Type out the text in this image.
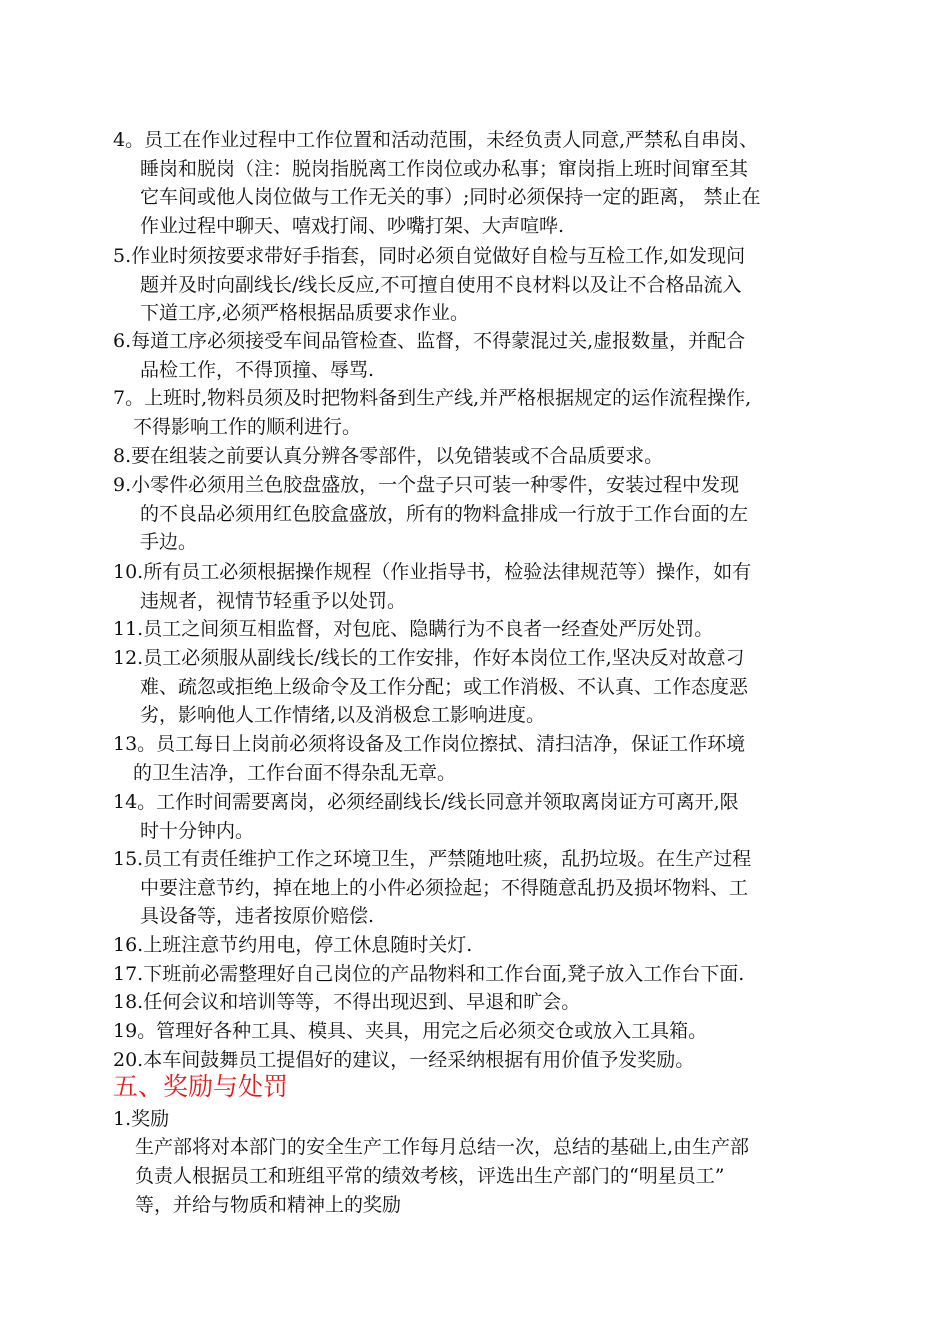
4。员工在作业过程中工作位置和活动范围，未经负责人同意,严禁私自串岗、
睡岗和脱岗（注：脱岗指脱离工作岗位或办私事；窜岗指上班时间窜至其
它车间或他人岗位做与工作无关的事）;同时必须保持一定的距离， 禁止在
作业过程中聊天、嘻戏打闹、吵嘴打架、大声喧哗.
5.作业时须按要求带好手指套，同时必须自觉做好自检与互检工作,如发现问
题并及时向副线长/线长反应,不可擅自使用不良材料以及让不合格品流入
下道工序,必须严格根据品质要求作业。
6.每道工序必须接受车间品管检查、监督，不得蒙混过关,虚报数量，并配合
品检工作，不得顶撞、辱骂.
7。上班时,物料员须及时把物料备到生产线,并严格根据规定的运作流程操作,
不得影响工作的顺利进行。
8.要在组装之前要认真分辨各零部件，以免错装或不合品质要求。
9.小零件必须用兰色胶盘盛放，一个盘子只可装一种零件，安装过程中发现
的不良品必须用红色胶盒盛放，所有的物料盒排成一行放于工作台面的左
手边。
10.所有员工必须根据操作规程（作业指导书，检验法律规范等）操作，如有
违规者，视情节轻重予以处罚。
11.员工之间须互相监督，对包庇、隐瞒行为不良者一经查处严厉处罚。
12.员工必须服从副线长/线长的工作安排，作好本岗位工作,坚决反对故意刁
难、疏忽或拒绝上级命令及工作分配；或工作消极、不认真、工作态度恶
劣，影响他人工作情绪,以及消极怠工影响进度。
13。员工每日上岗前必须将设备及工作岗位擦拭、清扫洁净，保证工作环境
的卫生洁净，工作台面不得杂乱无章。
14。工作时间需要离岗，必须经副线长/线长同意并领取离岗证方可离开,限
时十分钟内。
15.员工有责任维护工作之环境卫生，严禁随地吐痰，乱扔垃圾。在生产过程
中要注意节约，掉在地上的小件必须捡起；不得随意乱扔及损坏物料、工
具设备等，违者按原价赔偿.
16.上班注意节约用电，停工休息随时关灯.
17.下班前必需整理好自己岗位的产品物料和工作台面,凳子放入工作台下面.
18.任何会议和培训等等，不得出现迟到、早退和旷会。
19。管理好各种工具、模具、夹具，用完之后必须交仓或放入工具箱。
20.本车间鼓舞员工提倡好的建议，一经采纳根据有用价值予发奖励。
五、奖励与处罚
1.奖励
生产部将对本部门的安全生产工作每月总结一次，总结的基础上,由生产部
负责人根据员工和班组平常的绩效考核，评选出生产部门的“明星员工”
等，并给与物质和精神上的奖励
